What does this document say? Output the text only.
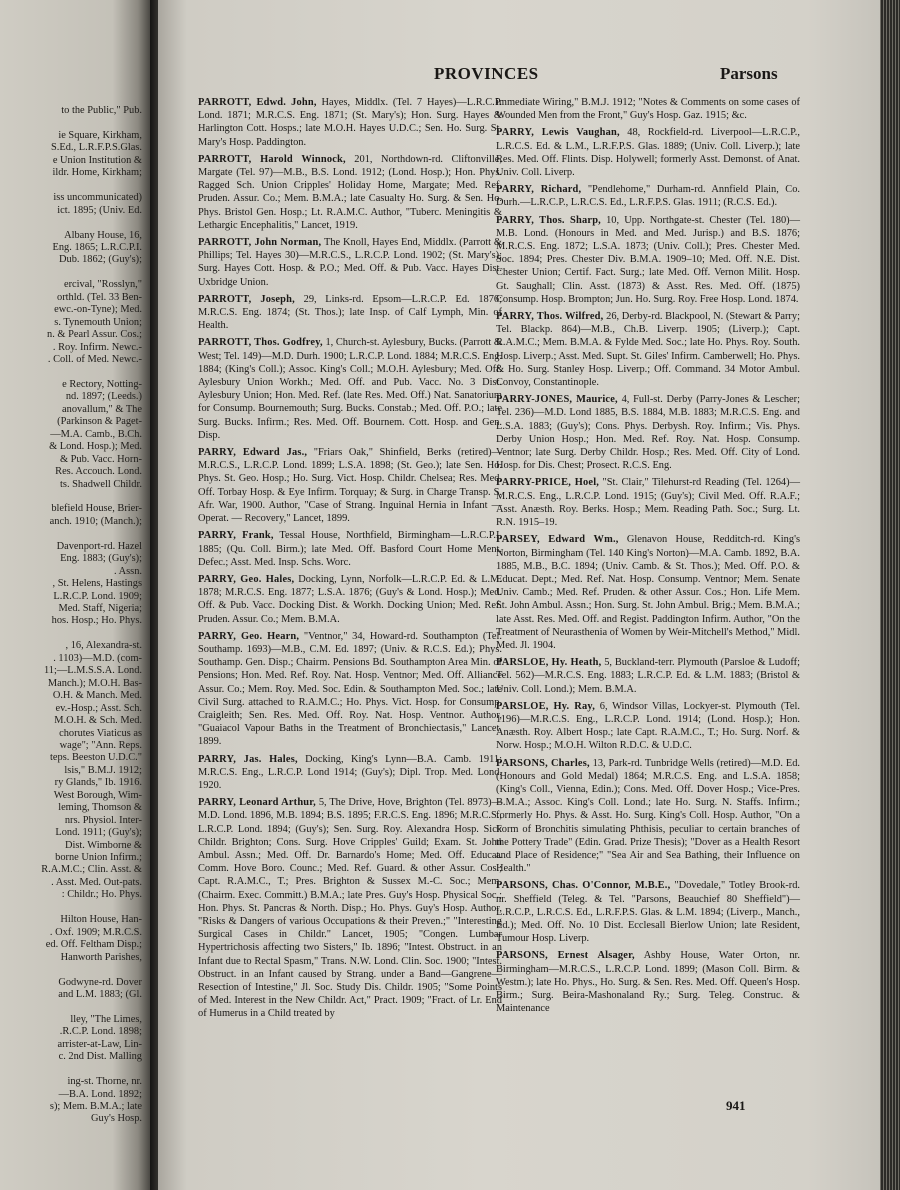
to the Public," Pub.
ie Square, Kirkham,
S.Ed., L.R.F.P.S.Glas.
e Union Institution &
ildr. Home, Kirkham;
iss uncommunicated)
ict. 1895; (Univ. Ed.
Albany House, 16,
Eng. 1865; L.R.C.P.I.
Dub. 1862; (Guy's);
ercival, "Rosslyn,"
orthld. (Tel. 33 Ben-
ewc.-on-Tyne); Med.
s. Tynemouth Union;
n. & Pearl Assur. Cos.;
. Roy. Infirm. Newc.-
. Coll. of Med. Newc.-
e Rectory, Notting-
nd. 1897; (Leeds.)
anovallum," & The
(Parkinson & Paget-
—M.A. Camb., B.Ch.
& Lond. Hosp.); Med.
& Pub. Vacc. Horn-
Res. Accouch. Lond.
ts. Shadwell Childr.
blefield House, Brier-
anch. 1910; (Manch.);
Davenport-rd. Hazel
Eng. 1883; (Guy's);
. Assn.
, St. Helens, Hastings
L.R.C.P. Lond. 1909;
Med. Staff, Nigeria;
hos. Hosp.; Ho. Phys.
, 16, Alexandra-st.
. 1103)—M.D. (com-
11;—L.M.S.S.A. Lond.
Manch.); M.O.H. Bas-
O.H. & Manch. Med.
ev.-Hosp.; Asst. Sch.
M.O.H. & Sch. Med.
chorutes Viaticus as
wage"; "Ann. Reps.
teps. Beeston U.D.C."
lsis," B.M.J. 1912;
ry Glands," Ib. 1916.
West Borough, Wim-
leming, Thomson &
nrs. Physiol. Inter-
Lond. 1911; (Guy's);
Dist. Wimborne &
borne Union Infirm.;
R.A.M.C.; Clin. Asst. &
. Asst. Med. Out-pats.
: Childr.; Ho. Phys.
Hilton House, Han-
. Oxf. 1909; M.R.C.S.
ed. Off. Feltham Disp.;
Hanworth Parishes,
Godwyne-rd. Dover
and L.M. 1883; (Gl.
lley, "The Limes,
.R.C.P. Lond. 1898;
arrister-at-Law, Lin-
c. 2nd Dist. Malling
ing-st. Thorne, nr.
—B.A. Lond. 1892;
s); Mem. B.M.A.; late
Guy's Hosp.
PROVINCES	Parsons

PARROTT, Edwd. John, Hayes, Middlx. (Tel. 7 Hayes)—L.R.C.P. Lond. 1871; M.R.C.S. Eng. 1871; (St. Mary's); Hon. Surg. Hayes & Harlington Cott. Hosps.; late M.O.H. Hayes U.D.C.; Sen. Ho. Surg. St. Mary's Hosp. Paddington.

PARROTT, Harold Winnock, 201, Northdown-rd. Cliftonville, Margate (Tel. 97)—M.B., B.S. Lond. 1912; (Lond. Hosp.); Hon. Phys. Ragged Sch. Union Cripples' Holiday Home, Margate; Med. Ref. Pruden. Assur. Co.; Mem. B.M.A.; late Casualty Ho. Surg. & Sen. Ho. Phys. Bristol Gen. Hosp.; Lt. R.A.M.C. Author, "Tuberc. Meningitis & Lethargic Encephalitis," Lancet, 1919.

PARROTT, John Norman, The Knoll, Hayes End, Middlx. (Parrott & Phillips; Tel. Hayes 30)—M.R.C.S., L.R.C.P. Lond. 1902; (St. Mary's); Surg. Hayes Cott. Hosp. & P.O.; Med. Off. & Pub. Vacc. Hayes Dist. Uxbridge Union.

PARROTT, Joseph, 29, Links-rd. Epsom—L.R.C.P. Ed. 1876; M.R.C.S. Eng. 1874; (St. Thos.); late Insp. of Calf Lymph, Min. of Health.

PARROTT, Thos. Godfrey, 1, Church-st. Aylesbury, Bucks. (Parrott & West; Tel. 149)—M.D. Durh. 1900; L.R.C.P. Lond. 1884; M.R.C.S. Eng. 1884; (King's Coll.); Assoc. King's Coll.; M.O.H. Aylesbury; Med. Off. Aylesbury Union Workh.; Med. Off. and Pub. Vacc. No. 3 Dist. Aylesbury Union; Hon. Med. Ref. (late Res. Med. Off.) Nat. Sanatorium for Consump. Bournemouth; Surg. Bucks. Constab.; Med. Off. P.O.; late Surg. Bucks. Infirm.; Res. Med. Off. Bournem. Cott. Hosp. and Gen. Disp.

PARRY, Edward Jas., "Friars Oak," Shinfield, Berks (retired)—M.R.C.S., L.R.C.P. Lond. 1899; L.S.A. 1898; (St. Geo.); late Sen. Ho. Phys. St. Geo. Hosp.; Ho. Surg. Vict. Hosp. Childr. Chelsea; Res. Med. Off. Torbay Hosp. & Eye Infirm. Torquay; & Surg. in Charge Transp. S. Afr. War, 1900. Author, "Case of Strang. Inguinal Hernia in Infant — Operat. — Recovery," Lancet, 1899.

PARRY, Frank, Tessal House, Northfield, Birmingham—L.R.C.P.I. 1885; (Qu. Coll. Birm.); late Med. Off. Basford Court Home Ment. Defec.; Asst. Med. Insp. Schs. Worc.

PARRY, Geo. Hales, Docking, Lynn, Norfolk—L.R.C.P. Ed. & L.M. 1878; M.R.C.S. Eng. 1877; L.S.A. 1876; (Guy's & Lond. Hosp.); Med. Off. & Pub. Vacc. Docking Dist. & Workh. Docking Union; Med. Ref. Pruden. Assur. Co.; Mem. B.M.A.

PARRY, Geo. Hearn, "Ventnor," 34, Howard-rd. Southampton (Tel. Southamp. 1693)—M.B., C.M. Ed. 1897; (Univ. & R.C.S. Ed.); Phys. Southamp. Gen. Disp.; Chairm. Pensions Bd. Southampton Area Min. of Pensions; Hon. Med. Ref. Roy. Nat. Hosp. Ventnor; Med. Off. Alliance Assur. Co.; Mem. Roy. Med. Soc. Edin. & Southampton Med. Soc.; late Civil Surg. attached to R.A.M.C.; Ho. Phys. Vict. Hosp. for Consump. Craigleith; Sen. Res. Med. Off. Roy. Nat. Hosp. Ventnor. Author, "Guaiacol Vapour Baths in the Treatment of Bronchiectasis," Lancet, 1899.

PARRY, Jas. Hales, Docking, King's Lynn—B.A. Camb. 1911; M.R.C.S. Eng., L.R.C.P. Lond 1914; (Guy's); Dipl. Trop. Med. Lond. 1920.

PARRY, Leonard Arthur, 5, The Drive, Hove, Brighton (Tel. 8973)—M.D. Lond. 1896, M.B. 1894; B.S. 1895; F.R.C.S. Eng. 1896; M.R.C.S., L.R.C.P. Lond. 1894; (Guy's); Sen. Surg. Roy. Alexandra Hosp. Sick Childr. Brighton; Cons. Surg. Hove Cripples' Guild; Exam. St. John Ambul. Assn.; Med. Off. Dr. Barnardo's Home; Med. Off. Educat. Comm. Hove Boro. Counc.; Med. Ref. Guard. & other Assur. Cos.; Capt. R.A.M.C., T.; Pres. Brighton & Sussex M.-C. Soc.; Mem. (Chairm. Exec. Committ.) B.M.A.; late Pres. Guy's Hosp. Physical Soc.; Hon. Phys. St. Pancras & North. Disp.; Ho. Phys. Guy's Hosp. Author, "Risks & Dangers of various Occupations & their Preven.;" "Interesting Surgical Cases in Childr." Lancet, 1905; "Congen. Lumbar Hypertrichosis affecting two Sisters," Ib. 1896; "Intest. Obstruct. in an Infant due to Rectal Spasm," Trans. N.W. Lond. Clin. Soc. 1900; "Intest. Obstruct. in an Infant caused by Strang. under a Band—Gangrene—Resection of Intestine," Jl. Soc. Study Dis. Childr. 1905; "Some Points of Med. Interest in the New Childr. Act," Pract. 1909; "Fract. of Lr. End of Humerus in a Child treated by

immediate Wiring," B.M.J. 1912; "Notes & Comments on some cases of Wounded Men from the Front," Guy's Hosp. Gaz. 1915; &c.

PARRY, Lewis Vaughan, 48, Rockfield-rd. Liverpool—L.R.C.P., L.R.C.S. Ed. & L.M., L.R.F.P.S. Glas. 1889; (Univ. Coll. Liverp.); late Res. Med. Off. Flints. Disp. Holywell; formerly Asst. Demonst. of Anat. Univ. Coll. Liverp.

PARRY, Richard, "Pendlehome," Durham-rd. Annfield Plain, Co. Durh.—L.R.C.P., L.R.C.S. Ed., L.R.F.P.S. Glas. 1911; (R.C.S. Ed.).

PARRY, Thos. Sharp, 10, Upp. Northgate-st. Chester (Tel. 180)—M.B. Lond. (Honours in Med. and Med. Jurisp.) and B.S. 1876; M.R.C.S. Eng. 1872; L.S.A. 1873; (Univ. Coll.); Pres. Chester Med. Soc. 1894; Pres. Chester Div. B.M.A. 1909–10; Med. Off. N.E. Dist. Chester Union; Certif. Fact. Surg.; late Med. Off. Vernon Milit. Hosp. Gt. Saughall; Clin. Asst. (1873) & Asst. Res. Med. Off. (1875) Consump. Hosp. Brompton; Jun. Ho. Surg. Roy. Free Hosp. Lond. 1874.

PARRY, Thos. Wilfred, 26, Derby-rd. Blackpool, N. (Stewart & Parry; Tel. Blackp. 864)—M.B., Ch.B. Liverp. 1905; (Liverp.); Capt. R.A.M.C.; Mem. B.M.A. & Fylde Med. Soc.; late Ho. Phys. Roy. South. Hosp. Liverp.; Asst. Med. Supt. St. Giles' Infirm. Camberwell; Ho. Phys. & Ho. Surg. Stanley Hosp. Liverp.; Off. Command. 34 Motor Ambul. Convoy, Constantinople.

PARRY-JONES, Maurice, 4, Full-st. Derby (Parry-Jones & Lescher; Tel. 236)—M.D. Lond 1885, B.S. 1884, M.B. 1883; M.R.C.S. Eng. and L.S.A. 1883; (Guy's); Cons. Phys. Derbysh. Roy. Infirm.; Vis. Phys. Derby Union Hosp.; Hon. Med. Ref. Roy. Nat. Hosp. Consump. Ventnor; late Surg. Derby Childr. Hosp.; Res. Med. Off. City of Lond. Hosp. for Dis. Chest; Prosect. R.C.S. Eng.

PARRY-PRICE, Hoel, "St. Clair," Tilehurst-rd Reading (Tel. 1264)—M.R.C.S. Eng., L.R.C.P. Lond. 1915; (Guy's); Civil Med. Off. R.A.F.; Asst. Anæsth. Roy. Berks. Hosp.; Mem. Reading Path. Soc.; Surg. Lt. R.N. 1915–19.

PARSEY, Edward Wm., Glenavon House, Redditch-rd. King's Norton, Birmingham (Tel. 140 King's Norton)—M.A. Camb. 1892, B.A. 1885, M.B., B.C. 1894; (Univ. Camb. & St. Thos.); Med. Off. P.O. & Educat. Dept.; Med. Ref. Nat. Hosp. Consump. Ventnor; Mem. Senate Univ. Camb.; Med. Ref. Pruden. & other Assur. Cos.; Hon. Life Mem. St. John Ambul. Assn.; Hon. Surg. St. John Ambul. Brig.; Mem. B.M.A.; late Asst. Res. Med. Off. and Regist. Paddington Infirm. Author, "On the Treatment of Neurasthenia of Women by Weir-Mitchell's Method," Midl. Med. Jl. 1904.

PARSLOE, Hy. Heath, 5, Buckland-terr. Plymouth (Parsloe & Ludoff; Tel. 562)—M.R.C.S. Eng. 1883; L.R.C.P. Ed. & L.M. 1883; (Bristol & Univ. Coll. Lond.); Mem. B.M.A.

PARSLOE, Hy. Ray, 6, Windsor Villas, Lockyer-st. Plymouth (Tel. 1196)—M.R.C.S. Eng., L.R.C.P. Lond. 1914; (Lond. Hosp.); Hon. Anæsth. Roy. Albert Hosp.; late Capt. R.A.M.C., T.; Ho. Surg. Norf. & Norw. Hosp.; M.O.H. Wilton R.D.C. & U.D.C.

PARSONS, Charles, 13, Park-rd. Tunbridge Wells (retired)—M.D. Ed. (Honours and Gold Medal) 1864; M.R.C.S. Eng. and L.S.A. 1858; (King's Coll., Vienna, Edin.); Cons. Med. Off. Dover Hosp.; Vice-Pres. B.M.A.; Assoc. King's Coll. Lond.; late Ho. Surg. N. Staffs. Infirm.; formerly Ho. Phys. & Asst. Ho. Surg. King's Coll. Hosp. Author, "On a Form of Bronchitis simulating Phthisis, peculiar to certain branches of the Pottery Trade" (Edin. Grad. Prize Thesis); "Dover as a Health Resort and Place of Residence;" "Sea Air and Sea Bathing, their Influence on Health."

PARSONS, Chas. O'Connor, M.B.E., "Dovedale," Totley Brook-rd. nr. Sheffield (Teleg. & Tel. "Parsons, Beauchief 80 Sheffield")—L.R.C.P., L.R.C.S. Ed., L.R.F.P.S. Glas. & L.M. 1894; (Liverp., Manch., Ed.); Med. Off. No. 10 Dist. Ecclesall Bierlow Union; late Resident, Tumour Hosp. Liverp.

PARSONS, Ernest Alsager, Ashby House, Water Orton, nr. Birmingham—M.R.C.S., L.R.C.P. Lond. 1899; (Mason Coll. Birm. & Westm.); late Ho. Phys., Ho. Surg. & Sen. Res. Med. Off. Queen's Hosp. Birm.; Surg. Beira-Mashonaland Ry.; Surg. Teleg. Construc. & Maintenance

941
